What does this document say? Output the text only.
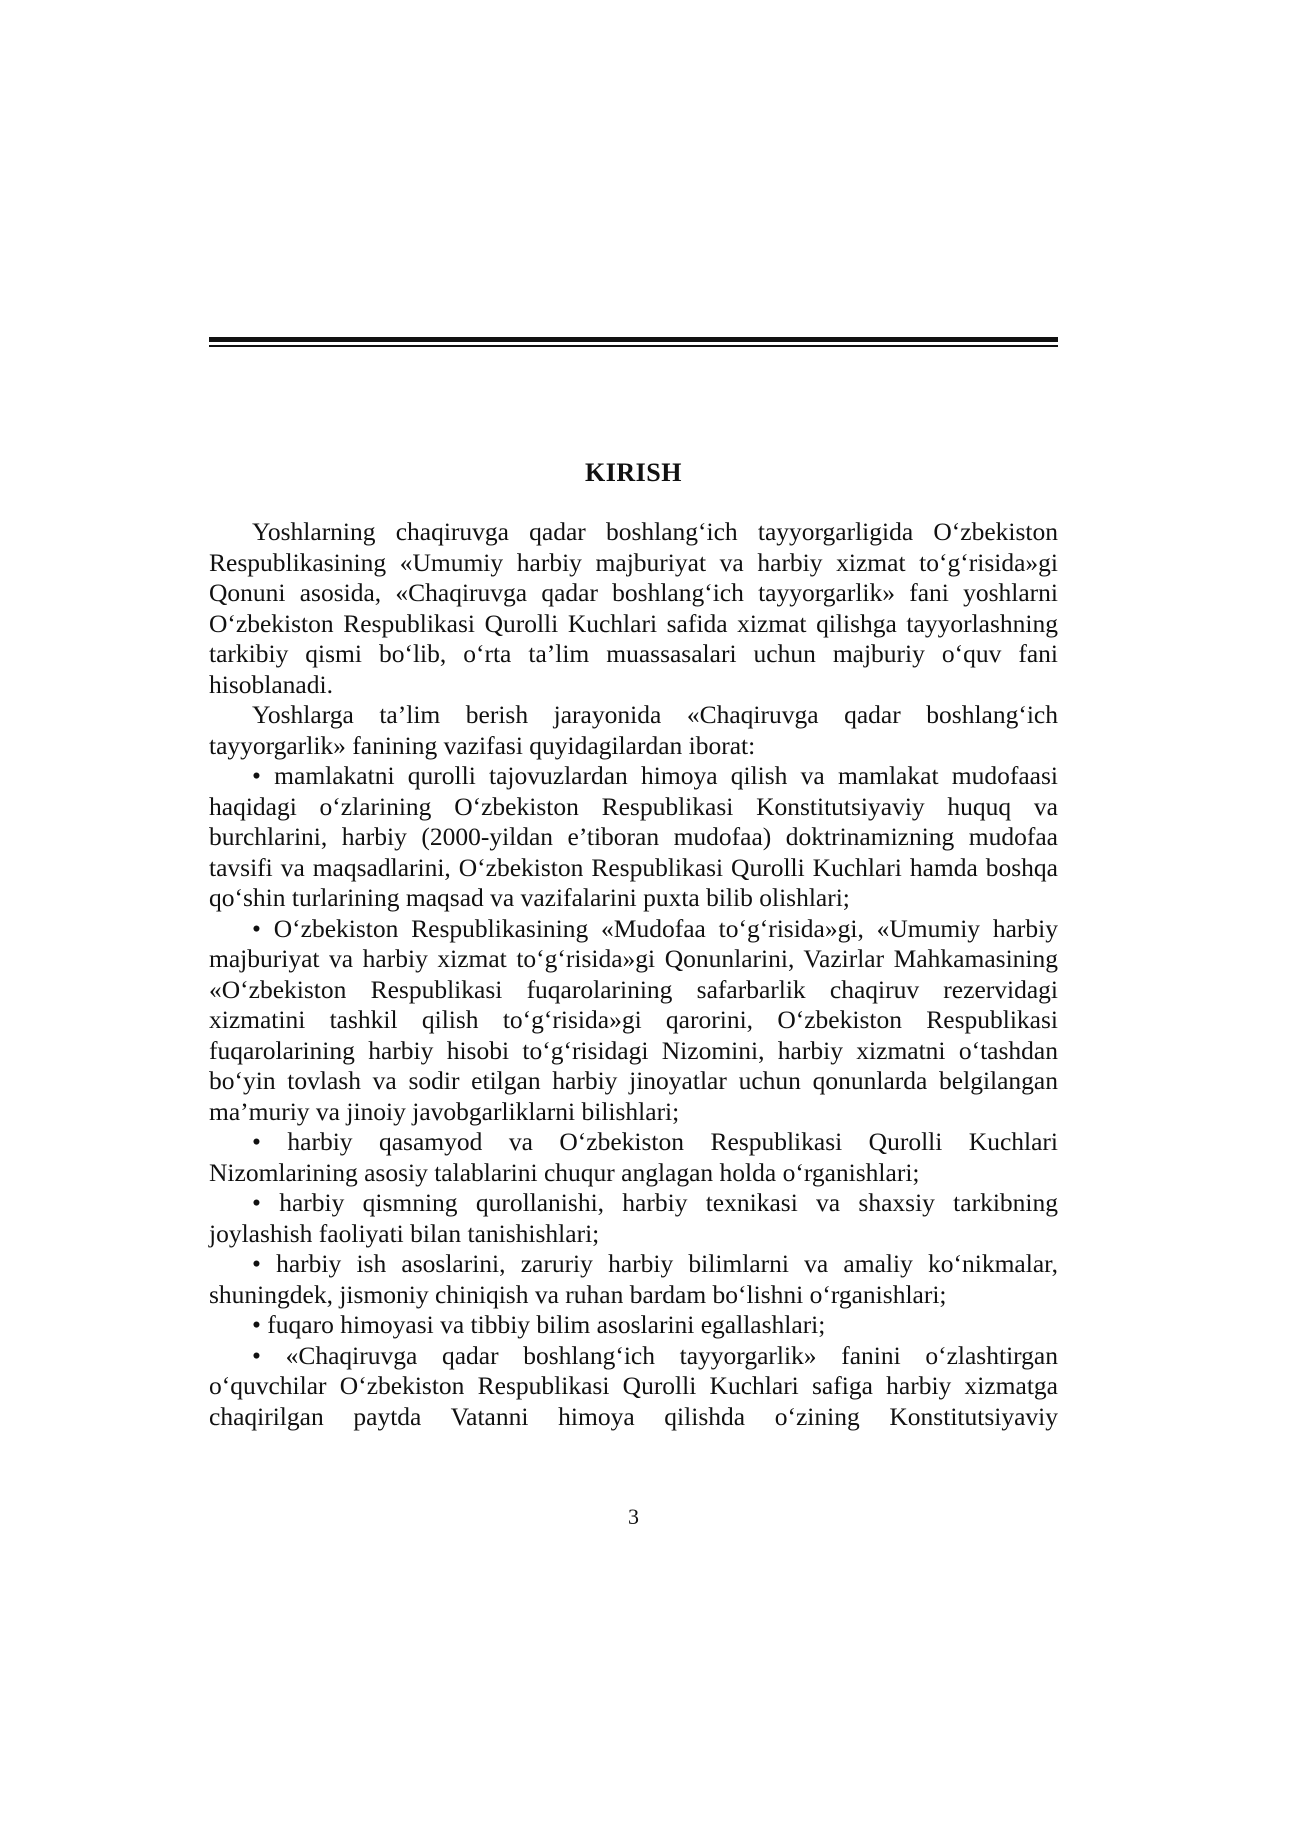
KIRISH

Yoshlarning chaqiruvga qadar boshlang‘ich tayyorgarligida O‘zbekiston Respublikasining «Umumiy harbiy majburiyat va harbiy xizmat to‘g‘risida»gi Qonuni asosida, «Chaqiruvga qadar boshlang‘ich tayyorgarlik» fani yoshlarni O‘zbekiston Respublikasi Qurolli Kuchlari safida xizmat qilishga tayyorlashning tarkibiy qismi bo‘lib, o‘rta ta’lim muassasalari uchun majburiy o‘quv fani hisoblanadi.

Yoshlarga ta’lim berish jarayonida «Chaqiruvga qadar boshlang‘ich tayyorgarlik» fanining vazifasi quyidagilardan iborat:

• mamlakatni qurolli tajovuzlardan himoya qilish va mamlakat mudofaasi haqidagi o‘zlarining O‘zbekiston Respublikasi Konstitutsiyaviy huquq va burchlarini, harbiy (2000-yildan e’tiboran mudofaa) doktrinamizning mudofaa tavsifi va maqsadlarini, O‘zbekiston Respublikasi Qurolli Kuchlari hamda boshqa qo‘shin turlarining maqsad va vazifalarini puxta bilib olishlari;

• O‘zbekiston Respublikasining «Mudofaa to‘g‘risida»gi, «Umumiy harbiy majburiyat va harbiy xizmat to‘g‘risida»gi Qonunlarini, Vazirlar Mahkamasining «O‘zbekiston Respublikasi fuqarolarining safarbarlik chaqiruv rezervidagi xizmatini tashkil qilish to‘g‘risida»gi qarorini, O‘zbekiston Respublikasi fuqarolarining harbiy hisobi to‘g‘risidagi Nizomini, harbiy xizmatni o‘tashdan bo‘yin tovlash va sodir etilgan harbiy jinoyatlar uchun qonunlarda belgilangan ma’muriy va jinoiy javobgarliklarni bilishlari;

• harbiy qasamyod va O‘zbekiston Respublikasi Qurolli Kuchlari Nizomlarining asosiy talablarini chuqur anglagan holda o‘rganishlari;

• harbiy qismning qurollanishi, harbiy texnikasi va shaxsiy tarkibning joylashish faoliyati bilan tanishishlari;

• harbiy ish asoslarini, zaruriy harbiy bilimlarni va amaliy ko‘nikmalar, shuningdek, jismoniy chiniqish va ruhan bardam bo‘lishni o‘rganishlari;

• fuqaro himoyasi va tibbiy bilim asoslarini egallashlari;

• «Chaqiruvga qadar boshlang‘ich tayyorgarlik» fanini o‘zlashtirgan o‘quvchilar O‘zbekiston Respublikasi Qurolli Kuchlari safiga harbiy xizmatga chaqirilgan paytda Vatanni himoya qilishda o‘zining Konstitutsiyaviy

3
